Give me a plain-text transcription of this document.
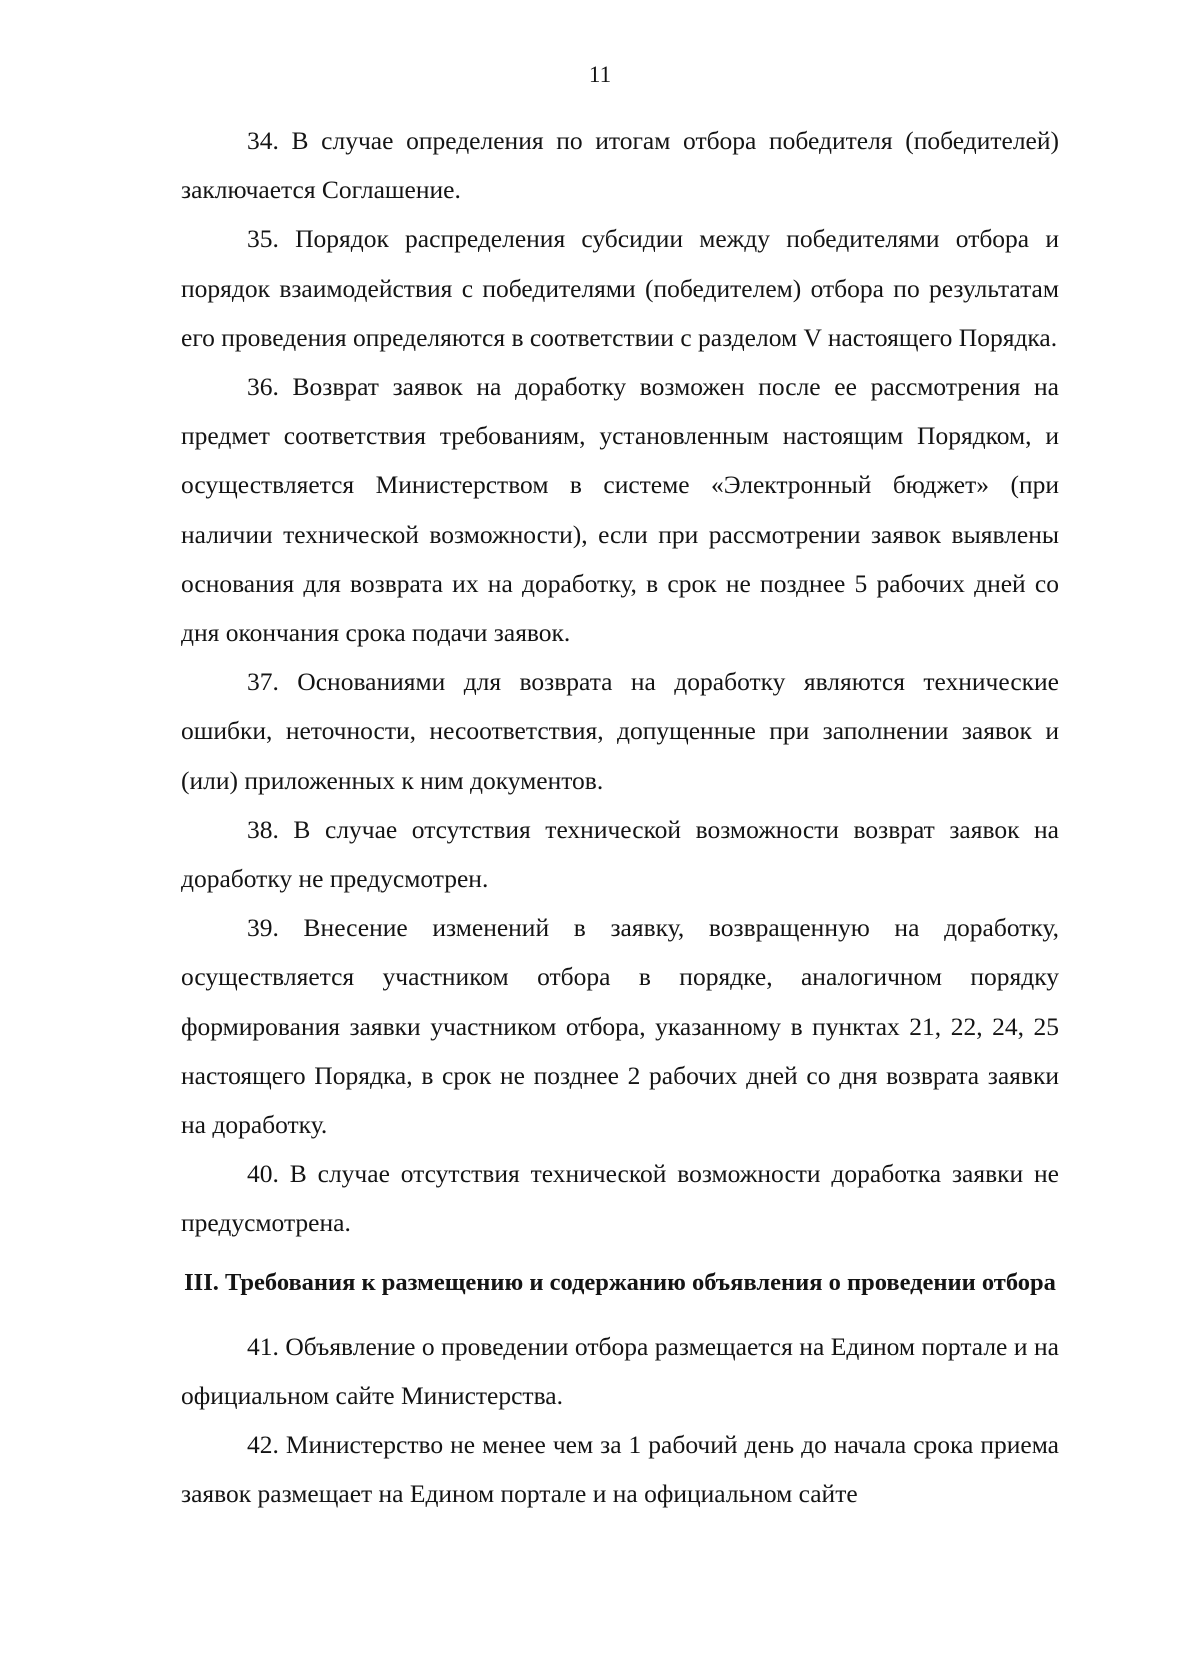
11

34. В случае определения по итогам отбора победителя (победителей) заключается Соглашение.

35. Порядок распределения субсидии между победителями отбора и порядок взаимодействия с победителями (победителем) отбора по результатам его проведения определяются в соответствии с разделом V настоящего Порядка.

36. Возврат заявок на доработку возможен после ее рассмотрения на предмет соответствия требованиям, установленным настоящим Порядком, и осуществляется Министерством в системе «Электронный бюджет» (при наличии технической возможности), если при рассмотрении заявок выявлены основания для возврата их на доработку, в срок не позднее 5 рабочих дней со дня окончания срока подачи заявок.

37. Основаниями для возврата на доработку являются технические ошибки, неточности, несоответствия, допущенные при заполнении заявок и (или) приложенных к ним документов.

38. В случае отсутствия технической возможности возврат заявок на доработку не предусмотрен.

39. Внесение изменений в заявку, возвращенную на доработку, осуществляется участником отбора в порядке, аналогичном порядку формирования заявки участником отбора, указанному в пунктах 21, 22, 24, 25 настоящего Порядка, в срок не позднее 2 рабочих дней со дня возврата заявки на доработку.

40. В случае отсутствия технической возможности доработка заявки не предусмотрена.

III. Требования к размещению и содержанию объявления о проведении отбора

41. Объявление о проведении отбора размещается на Едином портале и на официальном сайте Министерства.

42. Министерство не менее чем за 1 рабочий день до начала срока приема заявок размещает на Едином портале и на официальном сайте
